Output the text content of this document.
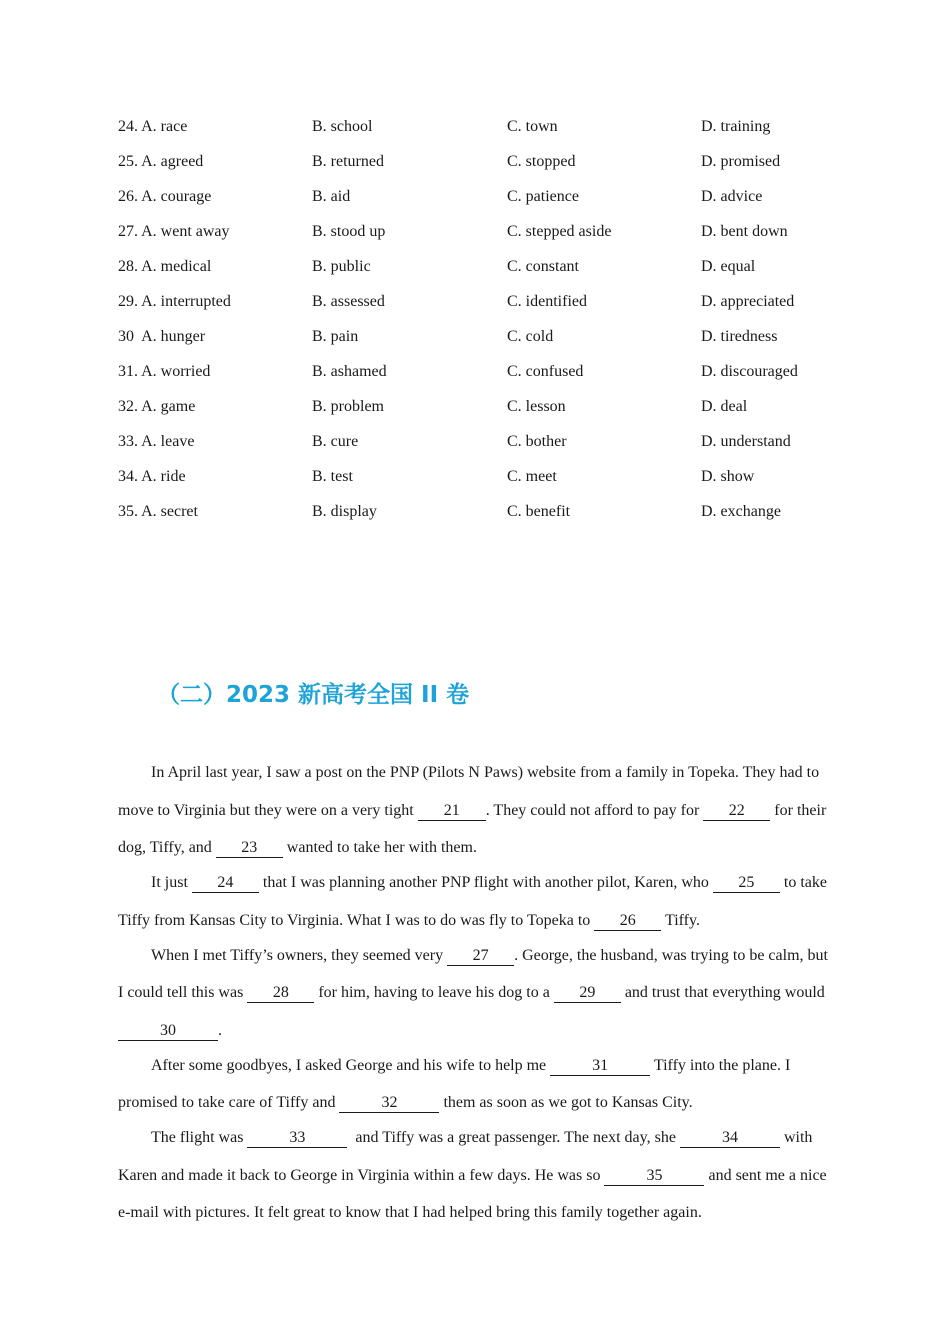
24. A. race	B. school	C. town	D. training
25. A. agreed	B. returned	C. stopped	D. promised
26. A. courage	B. aid	C. patience	D. advice
27. A. went away	B. stood up	C. stepped aside	D. bent down
28. A. medical	B. public	C. constant	D. equal
29. A. interrupted	B. assessed	C. identified	D. appreciated
30  A. hunger	B. pain	C. cold	D. tiredness
31. A. worried	B. ashamed	C. confused	D. discouraged
32. A. game	B. problem	C. lesson	D. deal
33. A. leave	B. cure	C. bother	D. understand
34. A. ride	B. test	C. meet	D. show
35. A. secret	B. display	C. benefit	D. exchange
（二）2023 新高考全国 II 卷

In April last year, I saw a post on the PNP (Pilots N Paws) website from a family in Topeka. They had to move to Virginia but they were on a very tight 21 . They could not afford to pay for 22 for their dog, Tiffy, and 23 wanted to take her with them.

It just 24 that I was planning another PNP flight with another pilot, Karen, who 25 to take Tiffy from Kansas City to Virginia. What I was to do was fly to Topeka to 26 Tiffy.

When I met Tiffy’s owners, they seemed very 27 . George, the husband, was trying to be calm, but I could tell this was 28 for him, having to leave his dog to a 29 and trust that everything would 30	.

After some goodbyes, I asked George and his wife to help me	31	Tiffy into the plane. I promised to take care of Tiffy and	32	them as soon as we got to Kansas City.

The flight was	33	and Tiffy was a great passenger. The next day, she	34	with Karen and made it back to George in Virginia within a few days. He was so	35	and sent me a nice e-mail with pictures. It felt great to know that I had helped bring this family together again.
